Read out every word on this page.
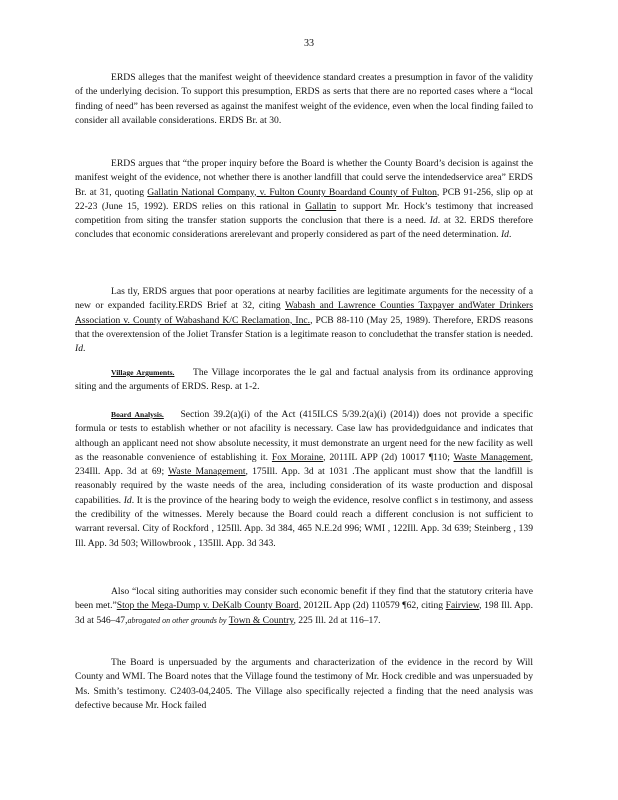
33

ERDS alleges that the manifest weight of theevidence standard creates a presumption in favor of the validity of the underlying decision. To support this presumption, ERDS as serts that there are no reported cases where a “local finding of need” has been reversed as against the manifest weight of the evidence, even when the local finding failed to consider all available considerations. ERDS Br. at 30.

ERDS argues that “the proper inquiry before the Board is whether the County Board’s decision is against the manifest weight of the evidence, not whether there is another landfill that could serve the intendedservice area” ERDS Br. at 31, quoting Gallatin National Company, v. Fulton County Boardand County of Fulton, PCB 91-256, slip op at 22-23 (June 15, 1992). ERDS relies on this rational in Gallatin to support Mr. Hock’s testimony that increased competition from siting the transfer station supports the conclusion that there is a need. Id. at 32. ERDS therefore concludes that economic considerations arerelevant and properly considered as part of the need determination. Id.

Las tly, ERDS argues that poor operations at nearby facilities are legitimate arguments for the necessity of a new or expanded facility.ERDS Brief at 32, citing Wabash and Lawrence Counties Taxpayer andWater Drinkers Association v. County of Wabashand K/C Reclamation, Inc., PCB 88-110 (May 25, 1989). Therefore, ERDS reasons that the overextension of the Joliet Transfer Station is a legitimate reason to concludethat the transfer station is needed. Id.

Village Arguments. The Village incorporates the le gal and factual analysis from its ordinance approving siting and the arguments of ERDS. Resp. at 1-2.

Board Analysis. Section 39.2(a)(i) of the Act (415ILCS 5/39.2(a)(i) (2014)) does not provide a specific formula or tests to establish whether or not afacility is necessary. Case law has providedguidance and indicates that although an applicant need not show absolute necessity, it must demonstrate an urgent need for the new facility as well as the reasonable convenience of establishing it. Fox Moraine, 2011IL APP (2d) 10017 ¶110; Waste Management, 234Ill. App. 3d at 69; Waste Management, 175Ill. App. 3d at 1031 .The applicant must show that the landfill is reasonably required by the waste needs of the area, including consideration of its waste production and disposal capabilities. Id. It is the province of the hearing body to weigh the evidence, resolve conflict s in testimony, and assess the credibility of the witnesses. Merely because the Board could reach a different conclusion is not sufficient to warrant reversal. City of Rockford , 125Ill. App. 3d 384, 465 N.E.2d 996; WMI , 122Ill. App. 3d 639; Steinberg , 139 Ill. App. 3d 503; Willowbrook , 135Ill. App. 3d 343.

Also “local siting authorities may consider such economic benefit if they find that the statutory criteria have been met.”Stop the Mega-Dump v. DeKalb County Board, 2012IL App (2d) 110579 ¶62, citing Fairview, 198 Ill. App. 3d at 546–47,abrogated on other grounds by Town & Country, 225 Ill. 2d at 116–17.

The Board is unpersuaded by the arguments and characterization of the evidence in the record by Will County and WMI. The Board notes that the Village found the testimony of Mr. Hock credible and was unpersuaded by Ms. Smith’s testimony. C2403-04,2405. The Village also specifically rejected a finding that the need analysis was defective because Mr. Hock failed
